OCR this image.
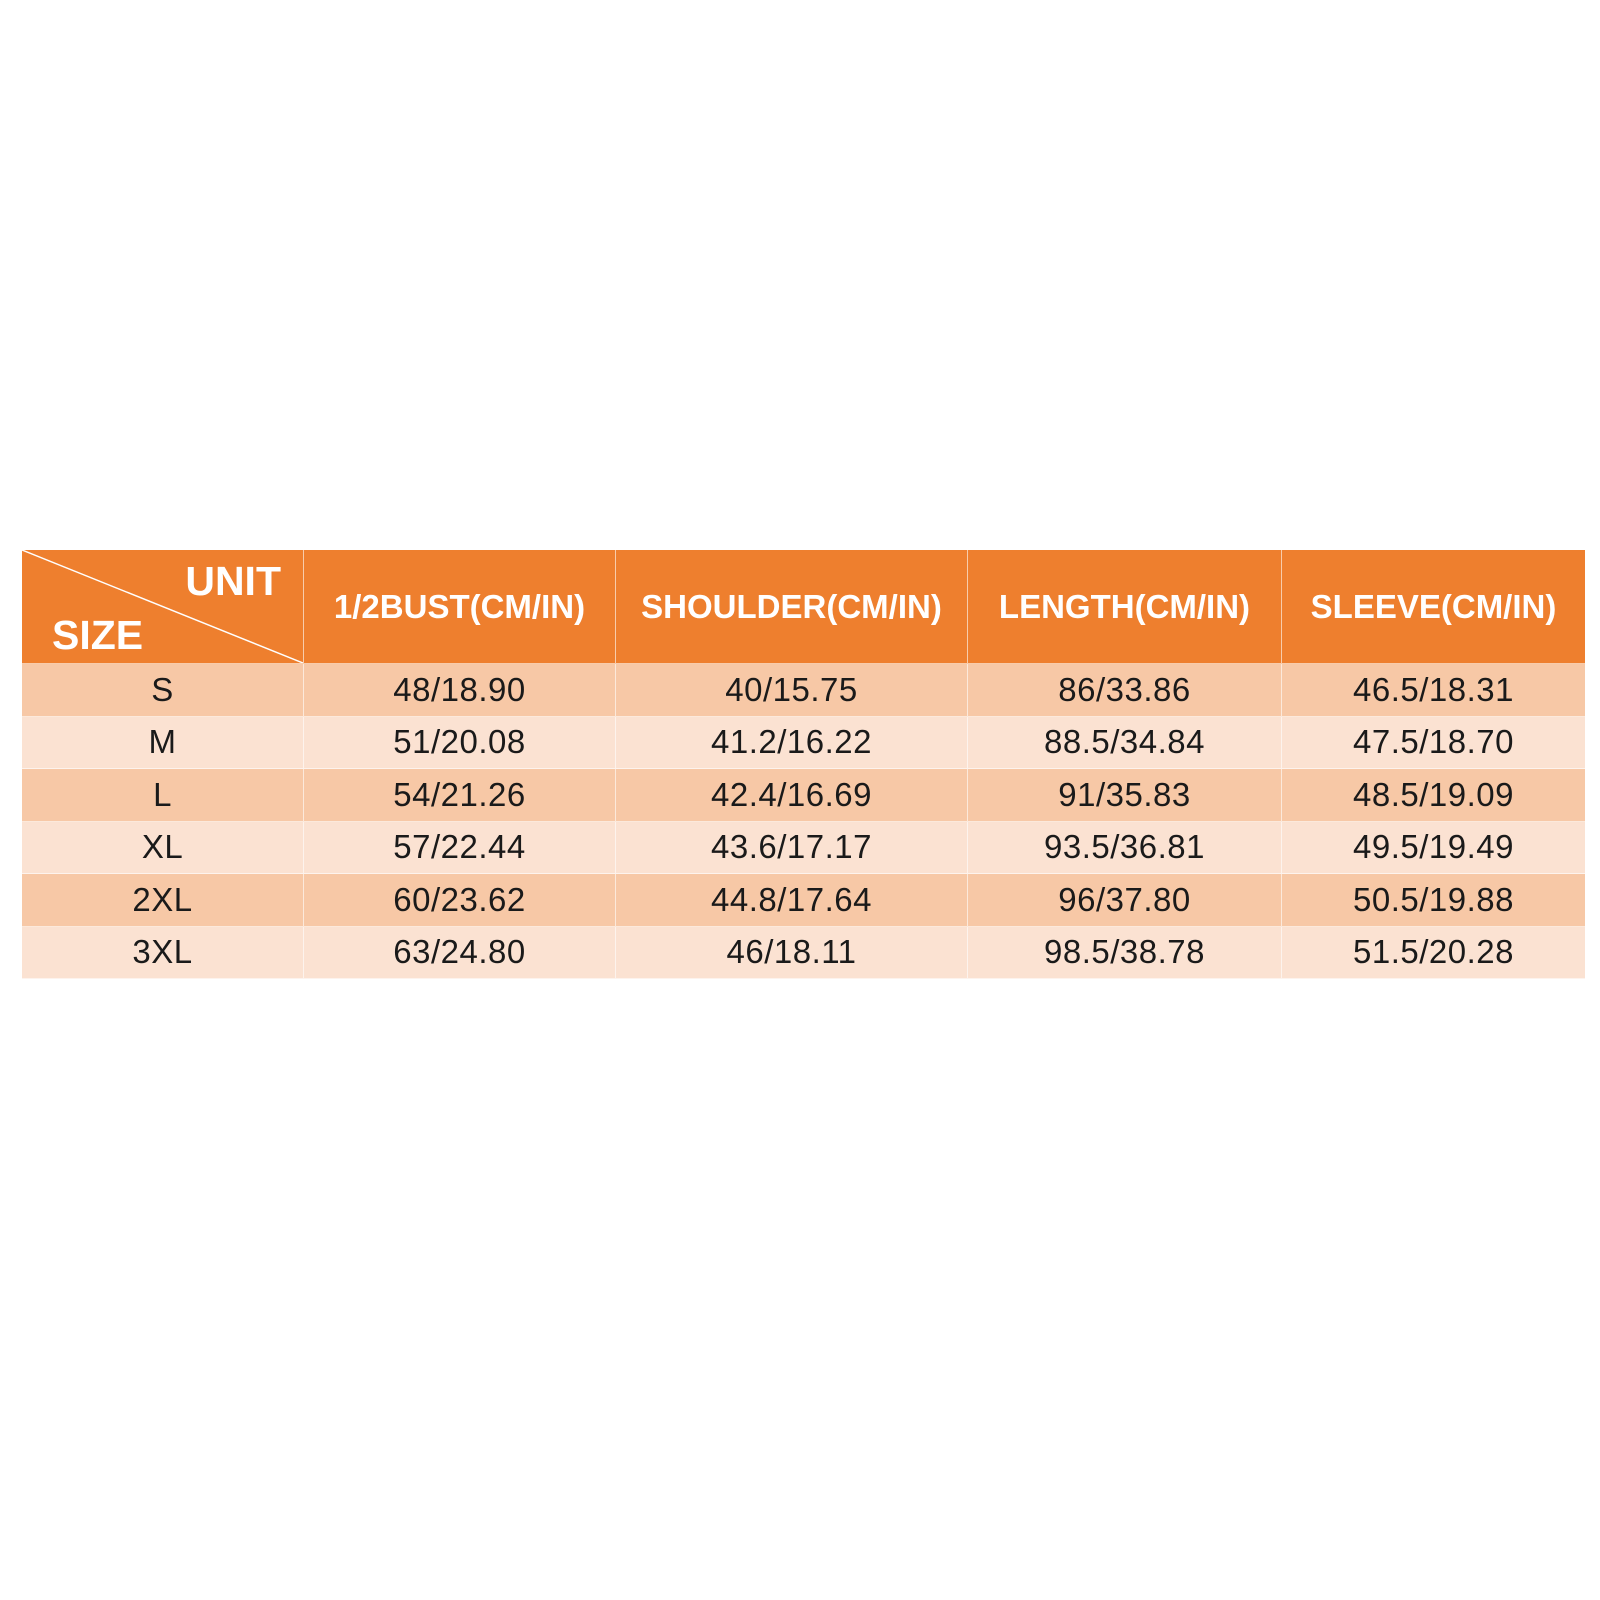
UNIT
SIZE
1/2BUST(CM/IN)	SHOULDER(CM/IN)	LENGTH(CM/IN)	SLEEVE(CM/IN)
S	48/18.90	40/15.75	86/33.86	46.5/18.31
M	51/20.08	41.2/16.22	88.5/34.84	47.5/18.70
L	54/21.26	42.4/16.69	91/35.83	48.5/19.09
XL	57/22.44	43.6/17.17	93.5/36.81	49.5/19.49
2XL	60/23.62	44.8/17.64	96/37.80	50.5/19.88
3XL	63/24.80	46/18.11	98.5/38.78	51.5/20.28
